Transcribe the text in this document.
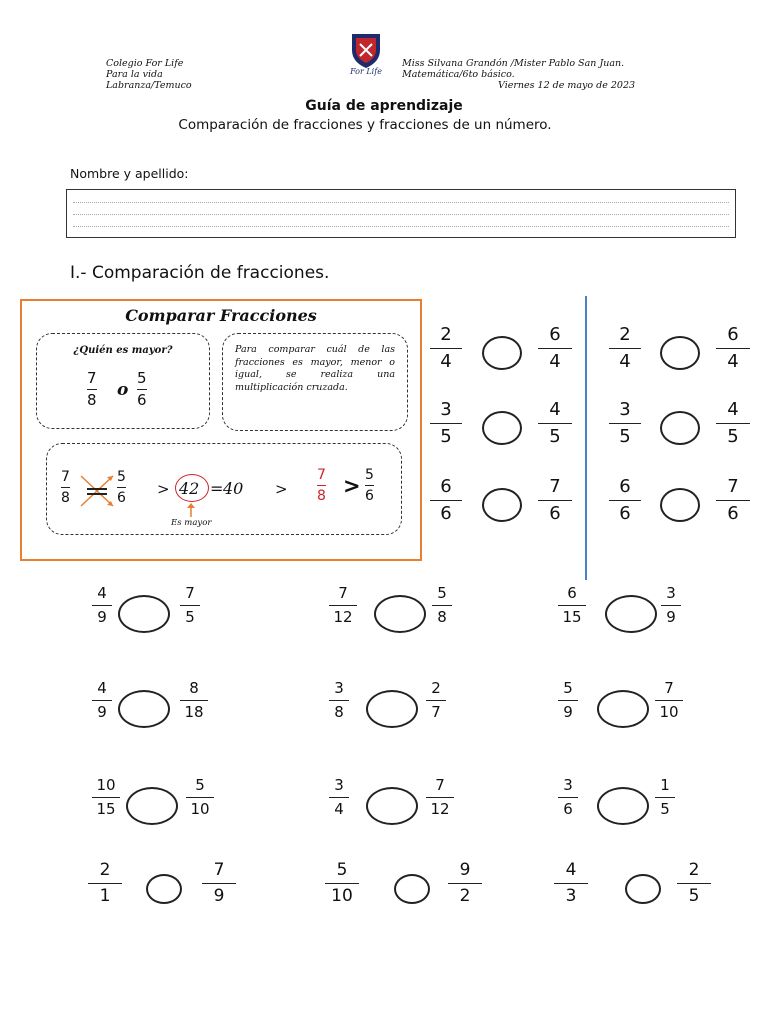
Colegio For Life
Para la vida
Labranza/Temuco
For Life
Miss Silvana Grandón /Mister Pablo San Juan.
Matemática/6to básico.
Viernes 12 de mayo de 2023
Guía de aprendizaje
Comparación de fracciones y fracciones de un número.
Nombre y apellido:
I.- Comparación de fracciones.
Comparar Fracciones
¿Quién es mayor?
7
8 o
5
6
Para comparar cuál de las fracciones es mayor, menor o igual, se realiza una multiplicación cruzada.
7
8
5
6 > 42 = 40 >
7
8 > 5
6
Es mayor
2
4
6
4
3
5
4
5
6
6
7
6
2
4
6
4
3
5
4
5
6
6
7
6
4
9
7
5
7
12
5
8
6
15
3
9
4
9
8
18
3
8
2
7
5
9
7
10
10
15
5
10
3
4
7
12
3
6
1
5
2
1
7
9
5
10
9
2
4
3
2
5
